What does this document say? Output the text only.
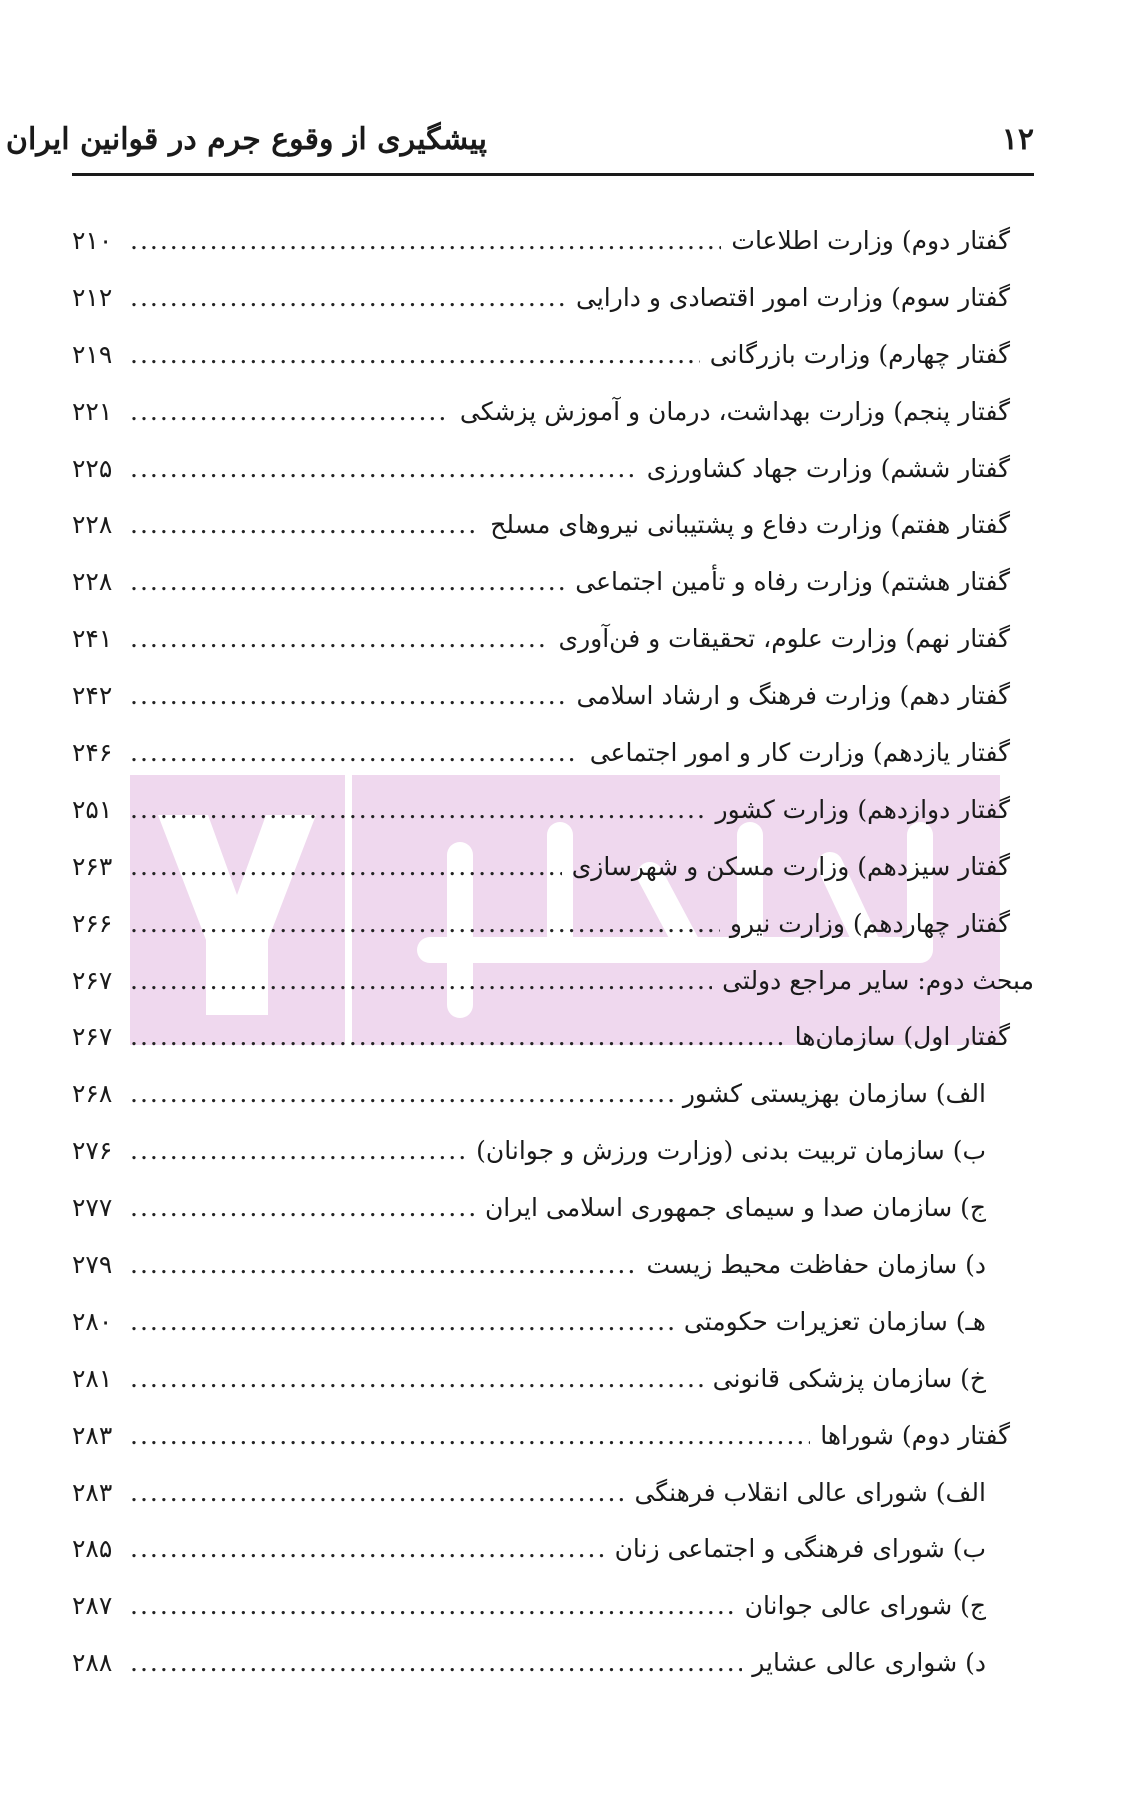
۱۲
پیشگیری از وقوع جرم در قوانین ایران
۲۱۰ .....	گفتار دوم) وزارت اطلاعات
۲۱۲ .....	گفتار سوم) وزارت امور اقتصادی و دارایی
۲۱۹ .....	گفتار چهارم) وزارت بازرگانی
۲۲۱ .....	گفتار پنجم) وزارت بهداشت، درمان و آموزش پزشکی
۲۲۵ .....	گفتار ششم) وزارت جهاد کشاورزی
۲۲۸ .....	گفتار هفتم) وزارت دفاع و پشتیبانی نیروهای مسلح
۲۲۸ .....	گفتار هشتم) وزارت رفاه و تأمین اجتماعی
۲۴۱ .....	گفتار نهم) وزارت علوم، تحقیقات و فن‌آوری
۲۴۲ .....	گفتار دهم) وزارت فرهنگ و ارشاد اسلامی
۲۴۶ .....	گفتار یازدهم) وزارت کار و امور اجتماعی
۲۵۱ .....	گفتار دوازدهم) وزارت کشور
۲۶۳ .....	گفتار سیزدهم) وزارت مسکن و شهرسازی
۲۶۶ .....	گفتار چهاردهم) وزارت نیرو
۲۶۷ .....	مبحث دوم: سایر مراجع دولتی
۲۶۷ .....	گفتار اول) سازمان‌ها
۲۶۸ .....	الف) سازمان بهزیستی کشور
۲۷۶ .....	ب) سازمان تربیت بدنی (وزارت ورزش و جوانان)
۲۷۷ .....	ج) سازمان صدا و سیمای جمهوری اسلامی ایران
۲۷۹ .....	د) سازمان حفاظت محیط زیست
۲۸۰ .....	هـ) سازمان تعزیرات حکومتی
۲۸۱ .....	خ) سازمان پزشکی قانونی
۲۸۳ .....	گفتار دوم) شوراها
۲۸۳ .....	الف) شورای عالی انقلاب فرهنگی
۲۸۵ .....	ب) شورای فرهنگی و اجتماعی زنان
۲۸۷ .....	ج) شورای عالی جوانان
۲۸۸ .....	د) شوارى عالی عشایر
